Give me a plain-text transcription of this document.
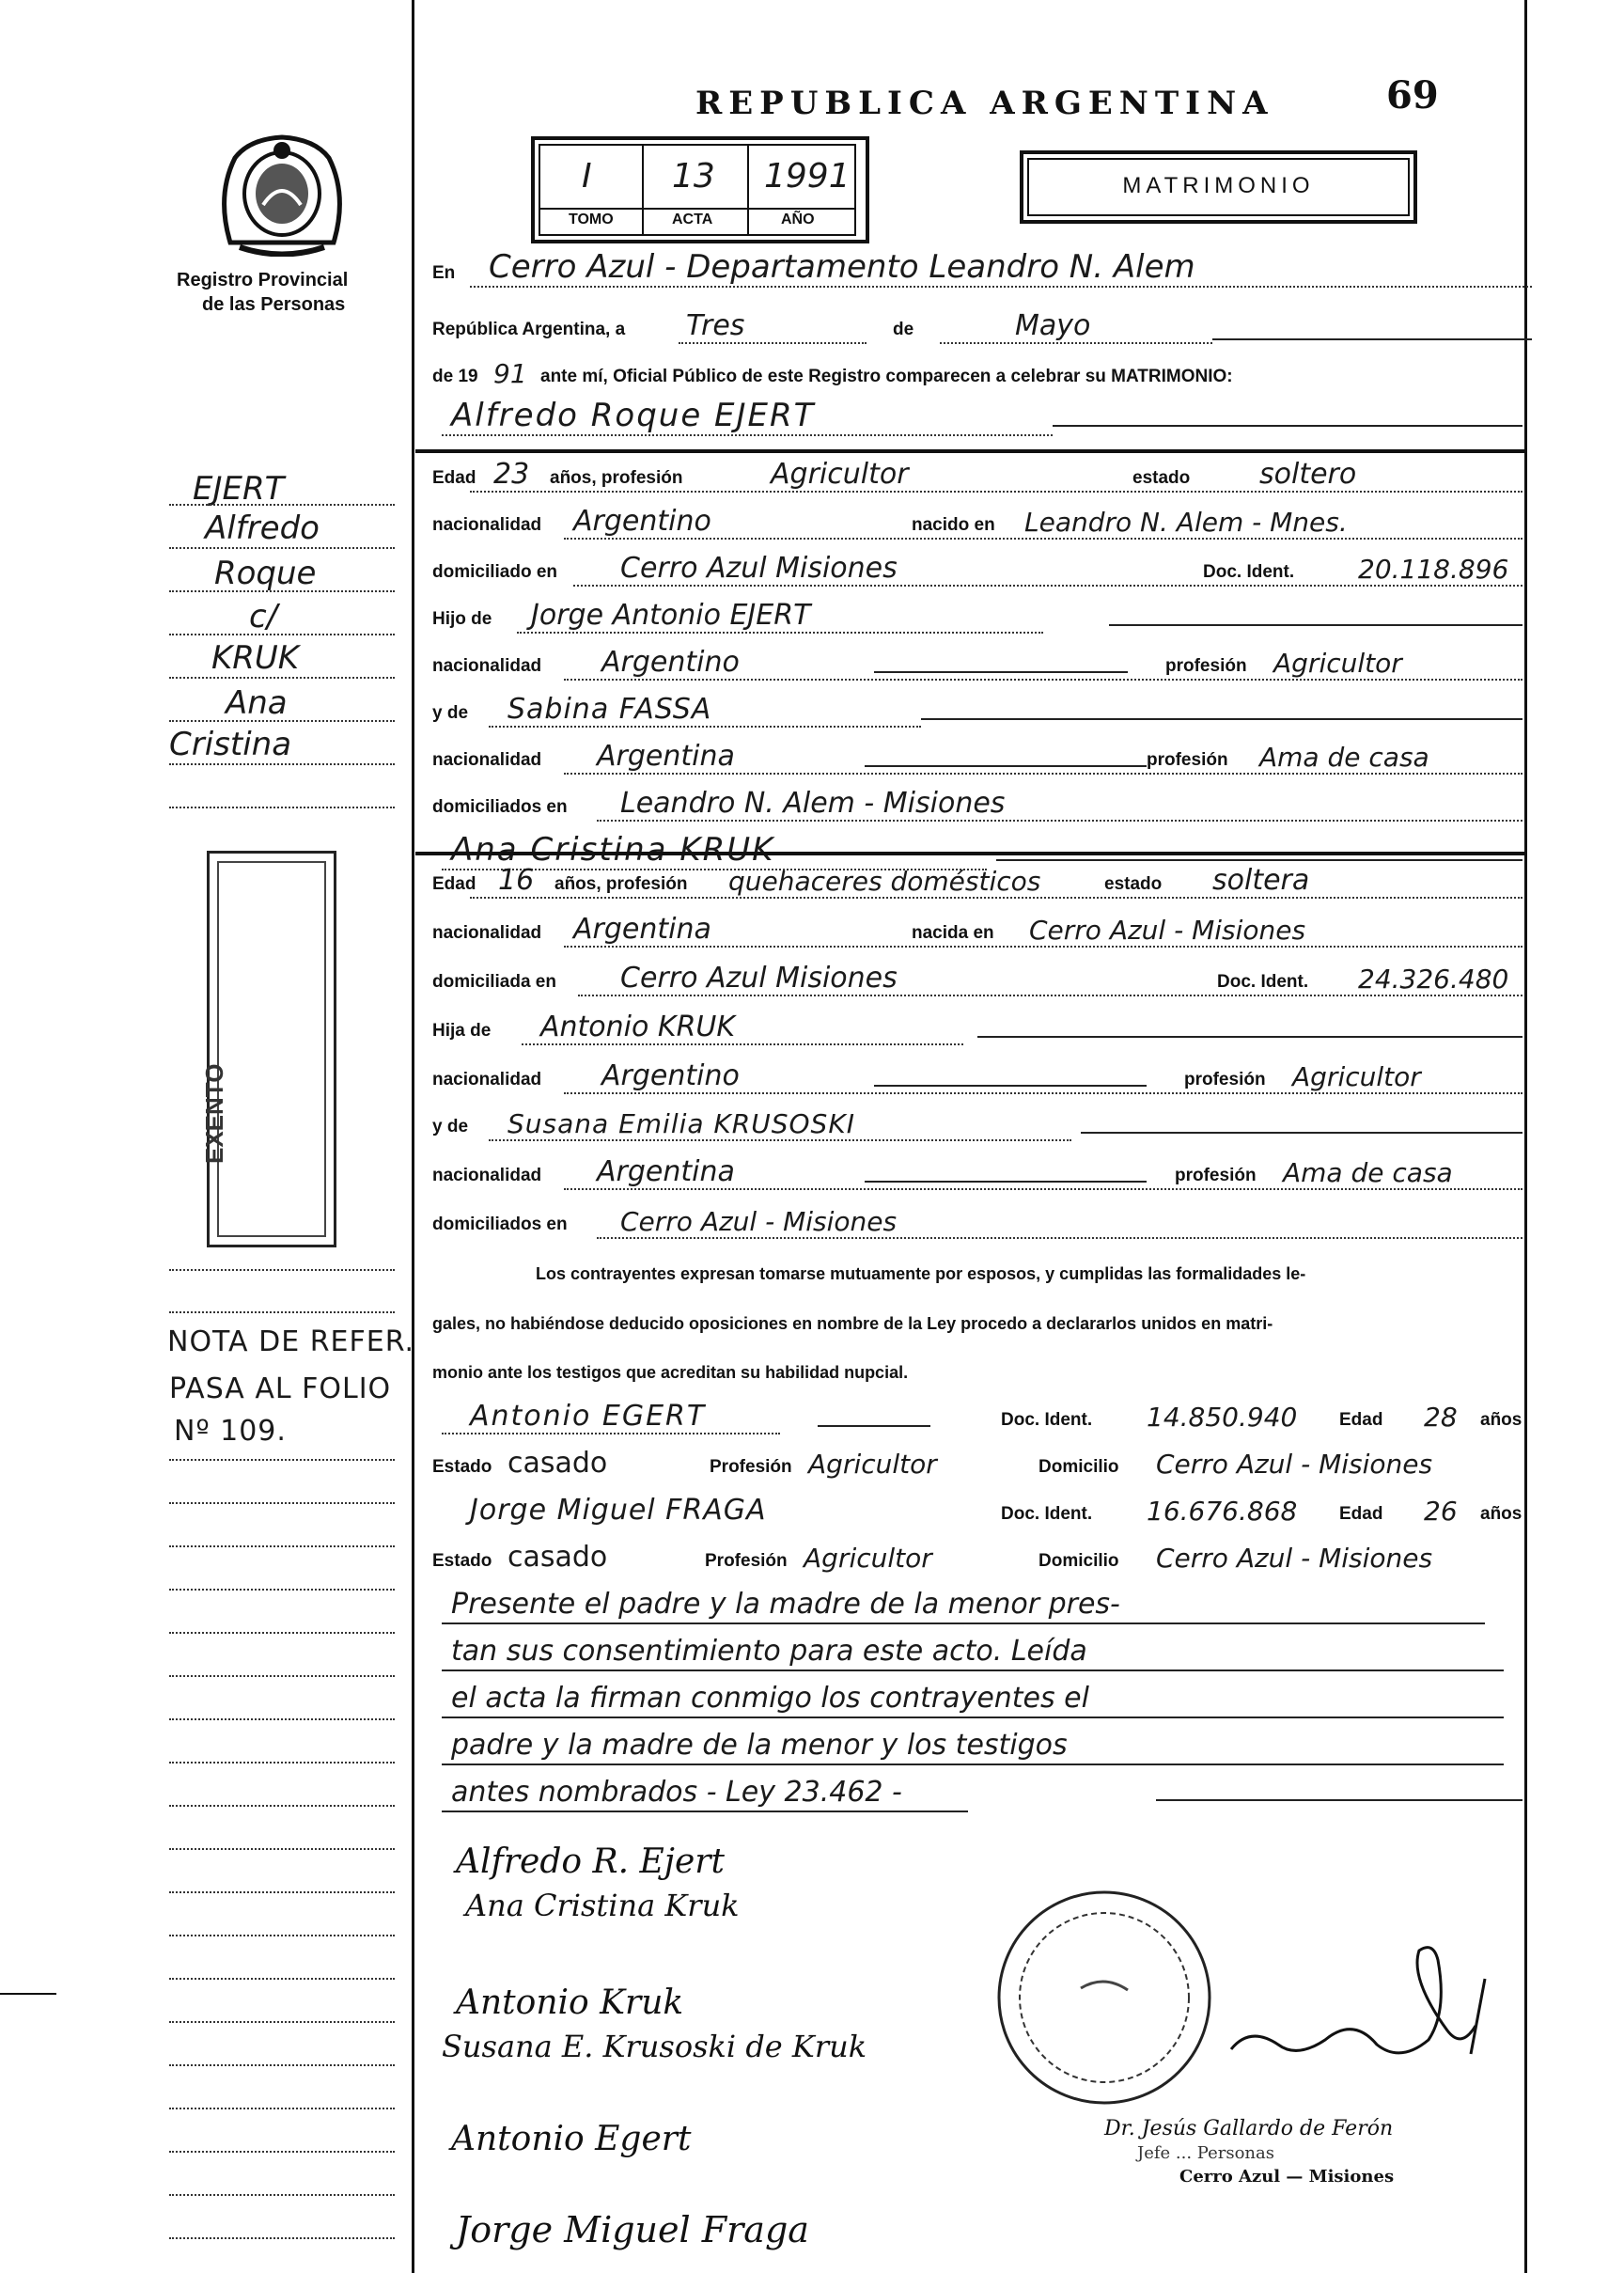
REPUBLICA ARGENTINA	69
I 13 1991
TOMO	ACTA	AÑO
MATRIMONIO
Registro Provincial
de las Personas
EJERT
Alfredo
Roque
c/
KRUK
Ana
Cristina
EXENTO
NOTA DE REFER.
PASA AL FOLIO
Nº 109.
En Cerro Azul - Departamento Leandro N. Alem
República Argentina, a Tres	de	Mayo
de 19 91 ante mí, Oficial Público de este Registro comparecen a celebrar su MATRIMONIO:
Alfredo Roque EJERT
Edad 23 años, profesión	Agricultor	estado soltero
nacionalidad Argentino	nacido en Leandro N. Alem - Mnes.
domiciliado en Cerro Azul Misiones	Doc. Ident. 20.118.896
Hijo de Jorge Antonio EJERT
nacionalidad Argentino	profesión Agricultor
y de Sabina FASSA
nacionalidad Argentina	profesión Ama de casa
domiciliados en Leandro N. Alem - Misiones
Ana Cristina KRUK
Edad 16 años, profesión quehaceres domésticos	estado soltera
nacionalidad Argentina	nacida en Cerro Azul - Misiones
domiciliada en Cerro Azul Misiones	Doc. Ident. 24.326.480
Hija de Antonio KRUK
nacionalidad Argentino	profesión Agricultor
y de Susana Emilia KRUSOSKI
nacionalidad Argentina	profesión Ama de casa
domiciliados en Cerro Azul - Misiones
Los contrayentes expresan tomarse mutuamente por esposos, y cumplidas las formalidades le-
gales, no habiéndose deducido oposiciones en nombre de la Ley procedo a declararlos unidos en matri-
monio ante los testigos que acreditan su habilidad nupcial.
Antonio EGERT	Doc. Ident. 14.850.940 Edad 28 años
Estado casado	Profesión Agricultor	Domicilio Cerro Azul - Misiones
Jorge Miguel FRAGA	Doc. Ident. 16.676.868 Edad 26 años
Estado casado	Profesión Agricultor	Domicilio Cerro Azul - Misiones
Presente el padre y la madre de la menor pres-
tan sus consentimiento para este acto. Leída
el acta la firman conmigo los contrayentes el
padre y la madre de la menor y los testigos
antes nombrados - Ley 23.462 -
Alfredo R. Ejert
Ana Cristina Kruk
Antonio Kruk
Susana E. Krusoski de Kruk
Antonio Egert
Jorge Miguel Fraga
Dr. Jesús Gallardo de Ferón
Jefe ... Personas
Cerro Azul — Misiones
